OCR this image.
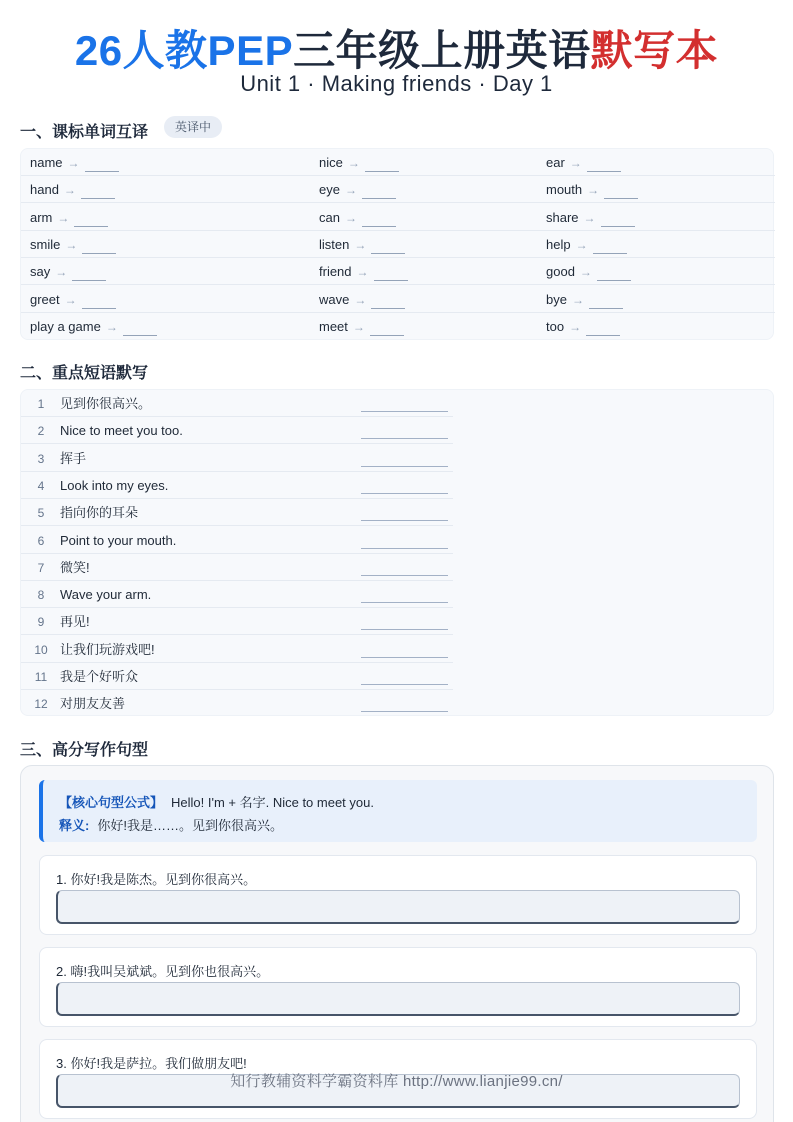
26人教PEP三年级上册英语默写本
Unit 1 · Making friends · Day 1
一、课标单词互译	英译中
name →	nice →	ear →
hand →	eye →	mouth →
arm →	can →	share →
smile →	listen →	help →
say →	friend →	good →
greet →	wave →	bye →
play a game →	meet →	too →
二、重点短语默写
1	见到你很高兴。
2	Nice to meet you too.
3	挥手
4	Look into my eyes.
5	指向你的耳朵
6	Point to your mouth.
7	微笑!
8	Wave your arm.
9	再见!
10 让我们玩游戏吧!
11 我是个好听众
12 对朋友友善
三、高分写作句型
【核心句型公式】 Hello! I'm + 名字. Nice to meet you.
释义: 你好!我是……。见到你很高兴。
1. 你好!我是陈杰。见到你很高兴。
2. 嗨!我叫吴斌斌。见到你也很高兴。
3. 你好!我是萨拉。我们做朋友吧!
知行教辅资料学霸资料库 http://www.lianjie99.cn/
